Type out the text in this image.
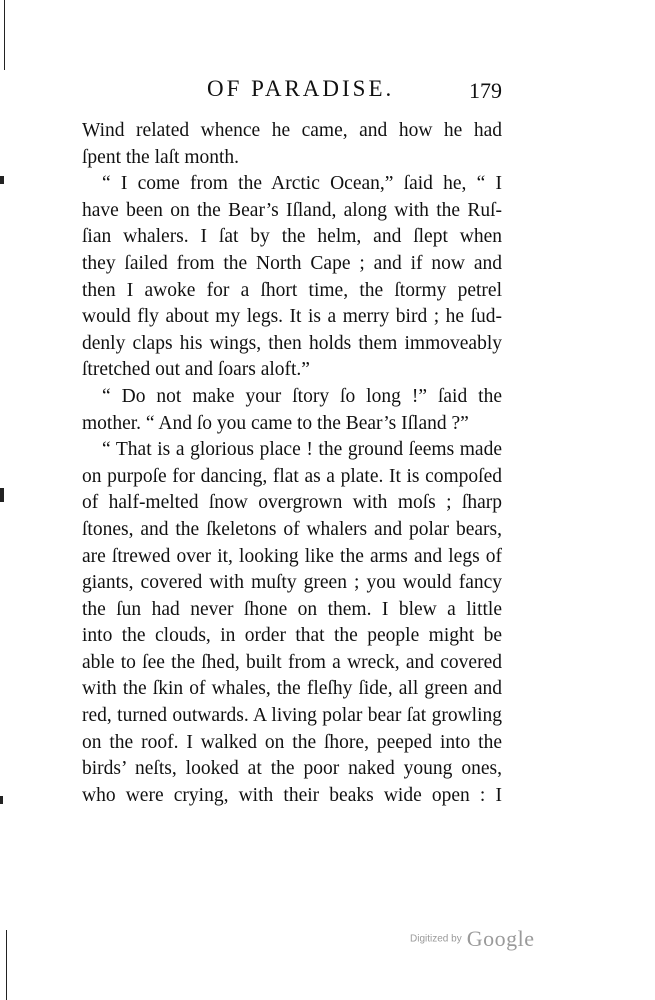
OF PARADISE.	179
Wind related whence he came, and how he had
ſpent the laſt month.
“ I come from the Arctic Ocean,” ſaid he, “ I
have been on the Bear’s Iſland, along with the Ruſ-
ſian whalers. I ſat by the helm, and ſlept when
they ſailed from the North Cape ; and if now and
then I awoke for a ſhort time, the ſtormy petrel
would fly about my legs. It is a merry bird ; he ſud-
denly claps his wings, then holds them immoveably
ſtretched out and ſoars aloft.”
“ Do not make your ſtory ſo long !” ſaid the
mother. “ And ſo you came to the Bear’s Iſland ?”
“ That is a glorious place ! the ground ſeems made
on purpoſe for dancing, flat as a plate. It is compoſed
of half-melted ſnow overgrown with moſs ; ſharp
ſtones, and the ſkeletons of whalers and polar bears,
are ſtrewed over it, looking like the arms and legs of
giants, covered with muſty green ; you would fancy
the ſun had never ſhone on them. I blew a little
into the clouds, in order that the people might be
able to ſee the ſhed, built from a wreck, and covered
with the ſkin of whales, the fleſhy ſide, all green and
red, turned outwards. A living polar bear ſat growling
on the roof. I walked on the ſhore, peeped into the
birds’ neſts, looked at the poor naked young ones,
who were crying, with their beaks wide open : I
Digitized by Google
